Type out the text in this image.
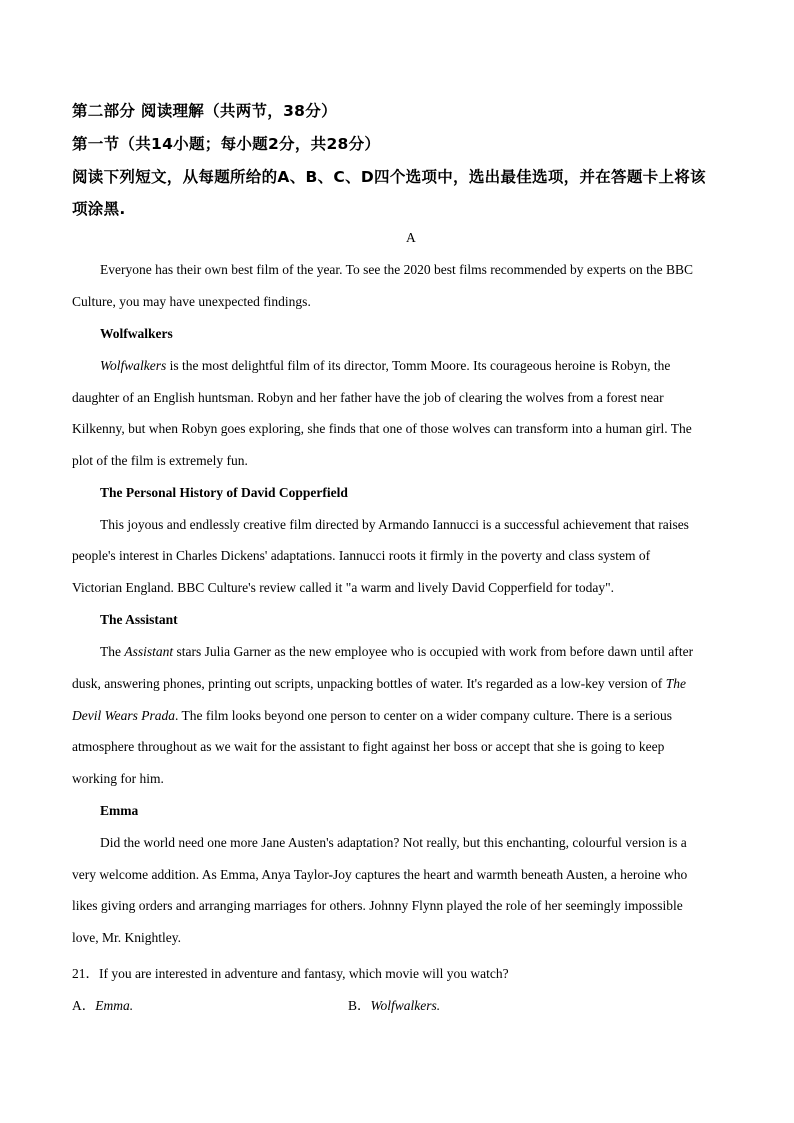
第二部分 阅读理解（共两节，38分）
第一节（共14小题；每小题2分，共28分）
阅读下列短文，从每题所给的A、B、C、D四个选项中，选出最佳选项，并在答题卡上将该
项涂黑.
A
Everyone has their own best film of the year. To see the 2020 best films recommended by experts on the BBC
Culture, you may have unexpected findings.
Wolfwalkers
Wolfwalkers is the most delightful film of its director, Tomm Moore. Its courageous heroine is Robyn, the
daughter of an English huntsman. Robyn and her father have the job of clearing the wolves from a forest near
Kilkenny, but when Robyn goes exploring, she finds that one of those wolves can transform into a human girl. The
plot of the film is extremely fun.
The Personal History of David Copperfield
This joyous and endlessly creative film directed by Armando Iannucci is a successful achievement that raises
people's interest in Charles Dickens' adaptations. Iannucci roots it firmly in the poverty and class system of
Victorian England. BBC Culture's review called it "a warm and lively David Copperfield for today".
The Assistant
The Assistant stars Julia Garner as the new employee who is occupied with work from before dawn until after
dusk, answering phones, printing out scripts, unpacking bottles of water. It's regarded as a low-key version of The
Devil Wears Prada. The film looks beyond one person to center on a wider company culture. There is a serious
atmosphere throughout as we wait for the assistant to fight against her boss or accept that she is going to keep
working for him.
Emma
Did the world need one more Jane Austen's adaptation? Not really, but this enchanting, colourful version is a
very welcome addition. As Emma, Anya Taylor-Joy captures the heart and warmth beneath Austen, a heroine who
likes giving orders and arranging marriages for others. Johnny Flynn played the role of her seemingly impossible
love, Mr. Knightley.
21．If you are interested in adventure and fantasy, which movie will you watch?
A．Emma.	B．Wolfwalkers.
